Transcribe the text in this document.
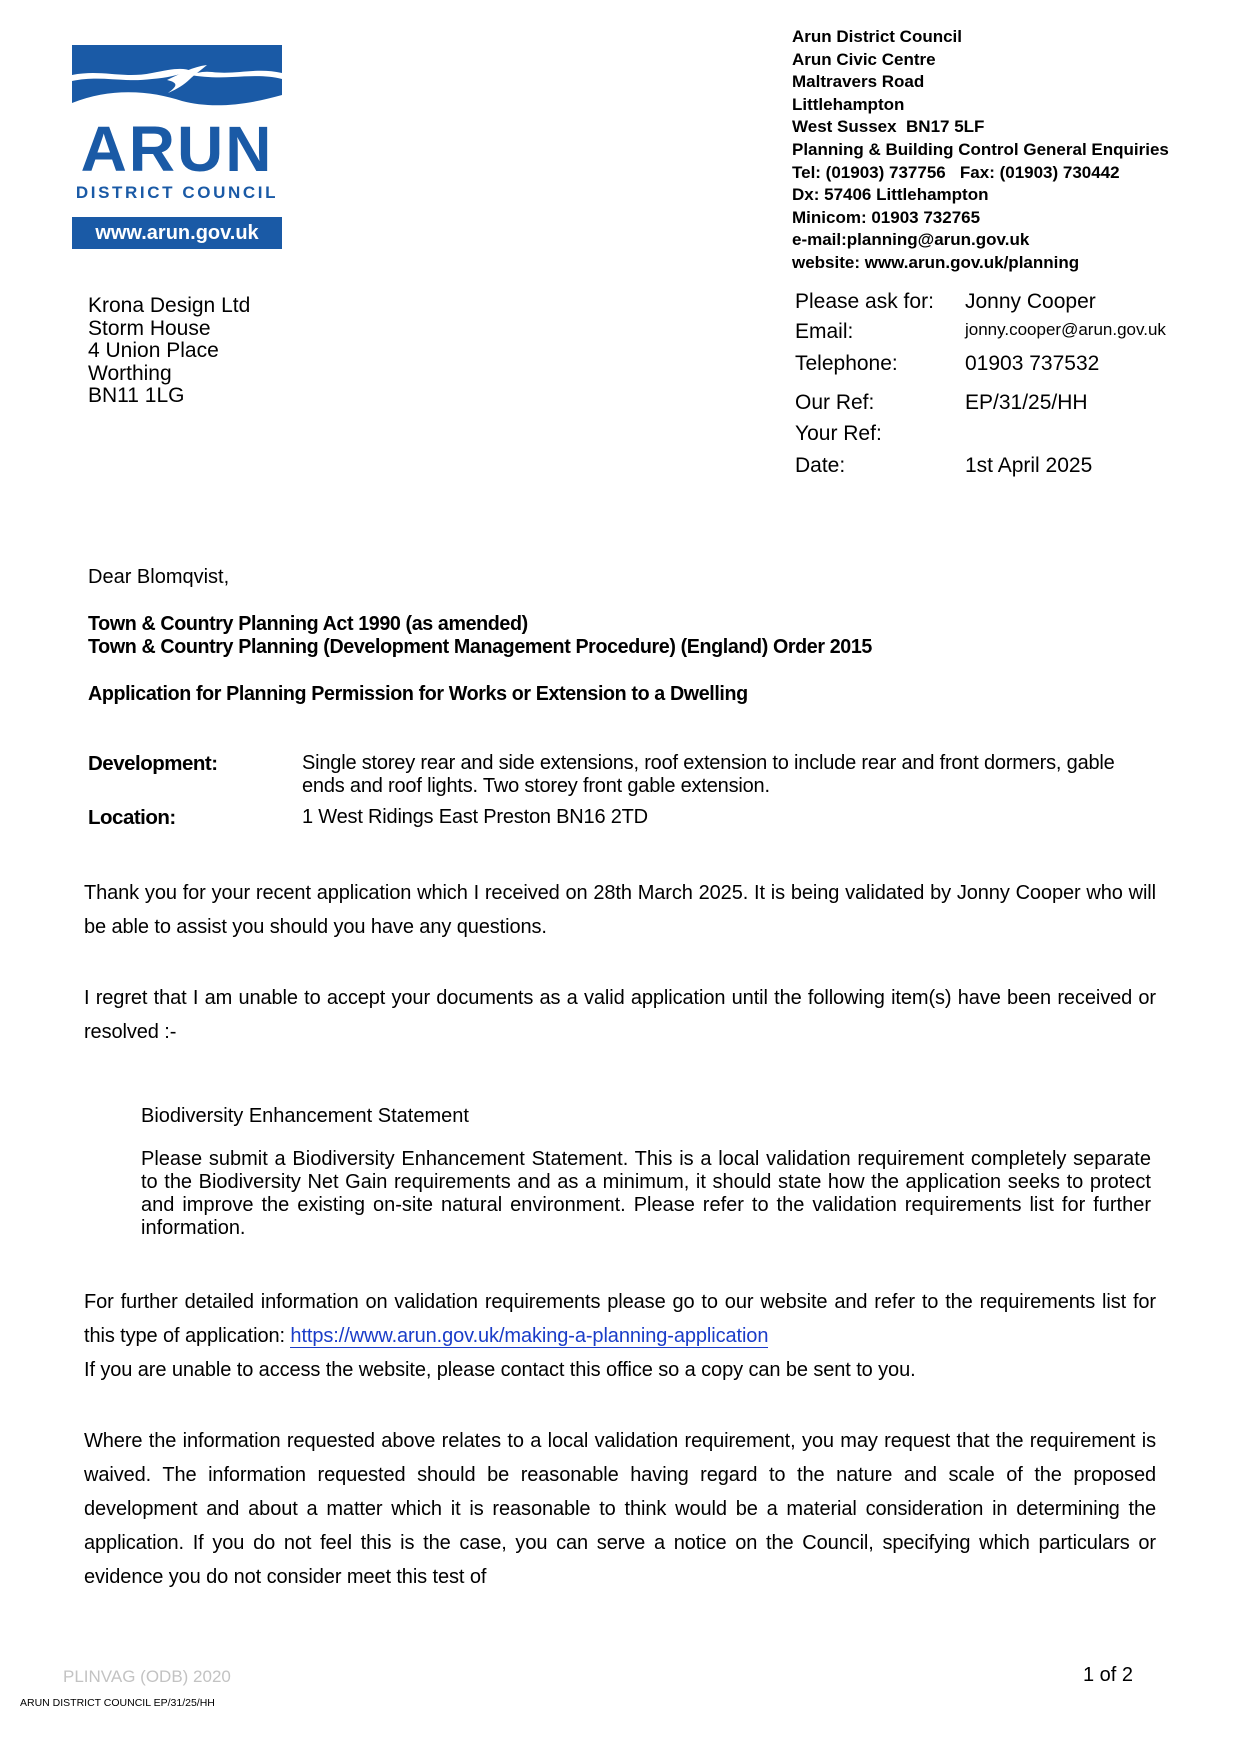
ARUN
DISTRICT COUNCIL
www.arun.gov.uk
Arun District Council
Arun Civic Centre
Maltravers Road
Littlehampton
West Sussex  BN17 5LF
Planning & Building Control General Enquiries
Tel: (01903) 737756   Fax: (01903) 730442
Dx: 57406 Littlehampton
Minicom: 01903 732765
e-mail:planning@arun.gov.uk
website: www.arun.gov.uk/planning
Krona Design Ltd
Storm House
4 Union Place
Worthing
BN11 1LG
Please ask for: Jonny Cooper
Email:	jonny.cooper@arun.gov.uk
Telephone:	01903 737532
Our Ref:	EP/31/25/HH
Your Ref:
Date:	1st April 2025
Dear Blomqvist,
Town & Country Planning Act 1990 (as amended)
Town & Country Planning (Development Management Procedure) (England) Order 2015
Application for Planning Permission for Works or Extension to a Dwelling
Development:	Single storey rear and side extensions, roof extension to include rear and front dormers, gable ends and roof lights. Two storey front gable extension.
Location:	1 West Ridings East Preston BN16 2TD
Thank you for your recent application which I received on 28th March 2025. It is being validated by Jonny Cooper who will be able to assist you should you have any questions.
I regret that I am unable to accept your documents as a valid application until the following item(s) have been received or resolved :-
Biodiversity Enhancement Statement
Please submit a Biodiversity Enhancement Statement. This is a local validation requirement completely separate to the Biodiversity Net Gain requirements and as a minimum, it should state how the application seeks to protect and improve the existing on-site natural environment. Please refer to the validation requirements list for further information.
For further detailed information on validation requirements please go to our website and refer to the requirements list for this type of application: https://www.arun.gov.uk/making-a-planning-application
If you are unable to access the website, please contact this office so a copy can be sent to you.
Where the information requested above relates to a local validation requirement, you may request that the requirement is waived. The information requested should be reasonable having regard to the nature and scale of the proposed development and about a matter which it is reasonable to think would be a material consideration in determining the application. If you do not feel this is the case, you can serve a notice on the Council, specifying which particulars or evidence you do not consider meet this test of
PLINVAG (ODB) 2020	1 of 2
ARUN DISTRICT COUNCIL EP/31/25/HH
